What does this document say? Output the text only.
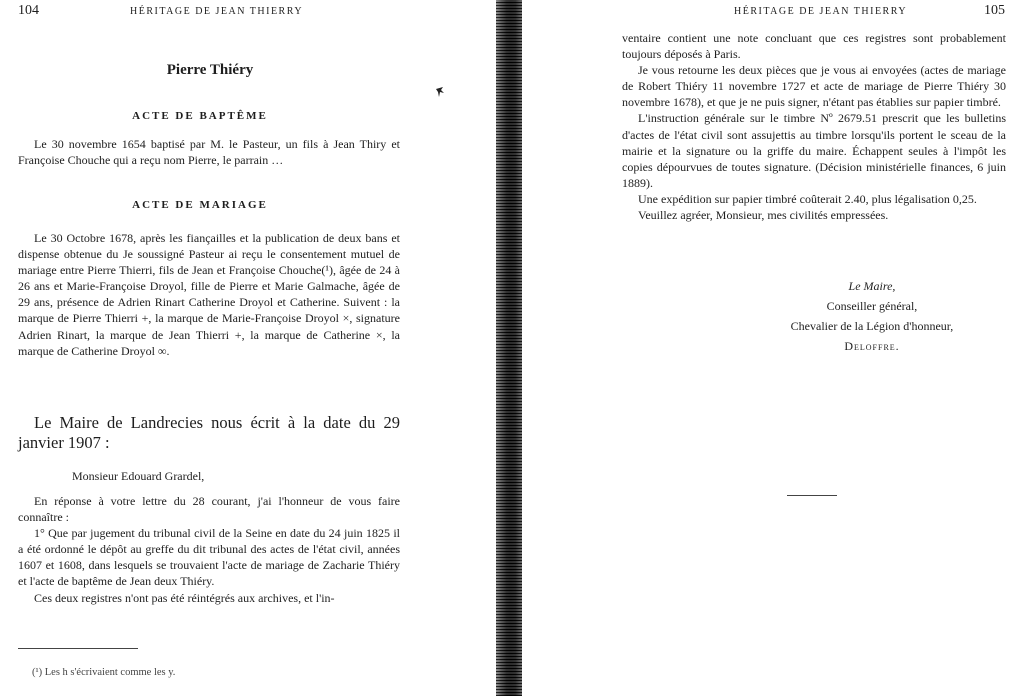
104	HÉRITAGE DE JEAN THIERRY
Pierre Thiéry
ACTE DE BAPTÊME

Le 30 novembre 1654 baptisé par M. le Pasteur, un fils à Jean Thiry et Françoise Chouche qui a reçu nom Pierre, le parrain …

ACTE DE MARIAGE

Le 30 Octobre 1678, après les fiançailles et la publication de deux bans et dispense obtenue du Je soussigné Pasteur ai reçu le consentement mutuel de mariage entre Pierre Thierri, fils de Jean et Françoise Chouche(¹), âgée de 24 à 26 ans et Marie-Françoise Droyol, fille de Pierre et Marie Galmache, âgée de 29 ans, présence de Adrien Rinart Catherine Droyol et Catherine. Suivent : la marque de Pierre Thierri +, la marque de Marie-Françoise Droyol ×, signature Adrien Rinart, la marque de Jean Thierri +, la marque de Catherine ×, la marque de Catherine Droyol ∞.

Le Maire de Landrecies nous écrit à la date du 29 janvier 1907 :

Monsieur Edouard Grardel,

En réponse à votre lettre du 28 courant, j'ai l'honneur de vous faire connaître :

1° Que par jugement du tribunal civil de la Seine en date du 24 juin 1825 il a été ordonné le dépôt au greffe du dit tribunal des actes de l'état civil, années 1607 et 1608, dans lesquels se trouvaient l'acte de mariage de Zacharie Thiéry et l'acte de baptême de Jean deux Thiéry.

Ces deux registres n'ont pas été réintégrés aux archives, et l'in-

(¹) Les h s'écrivaient comme les y.
HÉRITAGE DE JEAN THIERRY	105

ventaire contient une note concluant que ces registres sont probablement toujours déposés à Paris.

Je vous retourne les deux pièces que je vous ai envoyées (actes de mariage de Robert Thiéry 11 novembre 1727 et acte de mariage de Pierre Thiéry 30 novembre 1678), et que je ne puis signer, n'étant pas établies sur papier timbré.

L'instruction générale sur le timbre Nº 2679.51 prescrit que les bulletins d'actes de l'état civil sont assujettis au timbre lorsqu'ils portent le sceau de la mairie et la signature ou la griffe du maire. Échappent seules à l'impôt les copies dépourvues de toutes signature. (Décision ministérielle finances, 6 juin 1889).

Une expédition sur papier timbré coûterait 2.40, plus légalisation 0,25.

Veuillez agréer, Monsieur, mes civilités empressées.

Le Maire,
Conseiller général,
Chevalier de la Légion d'honneur,
Deloffre.
